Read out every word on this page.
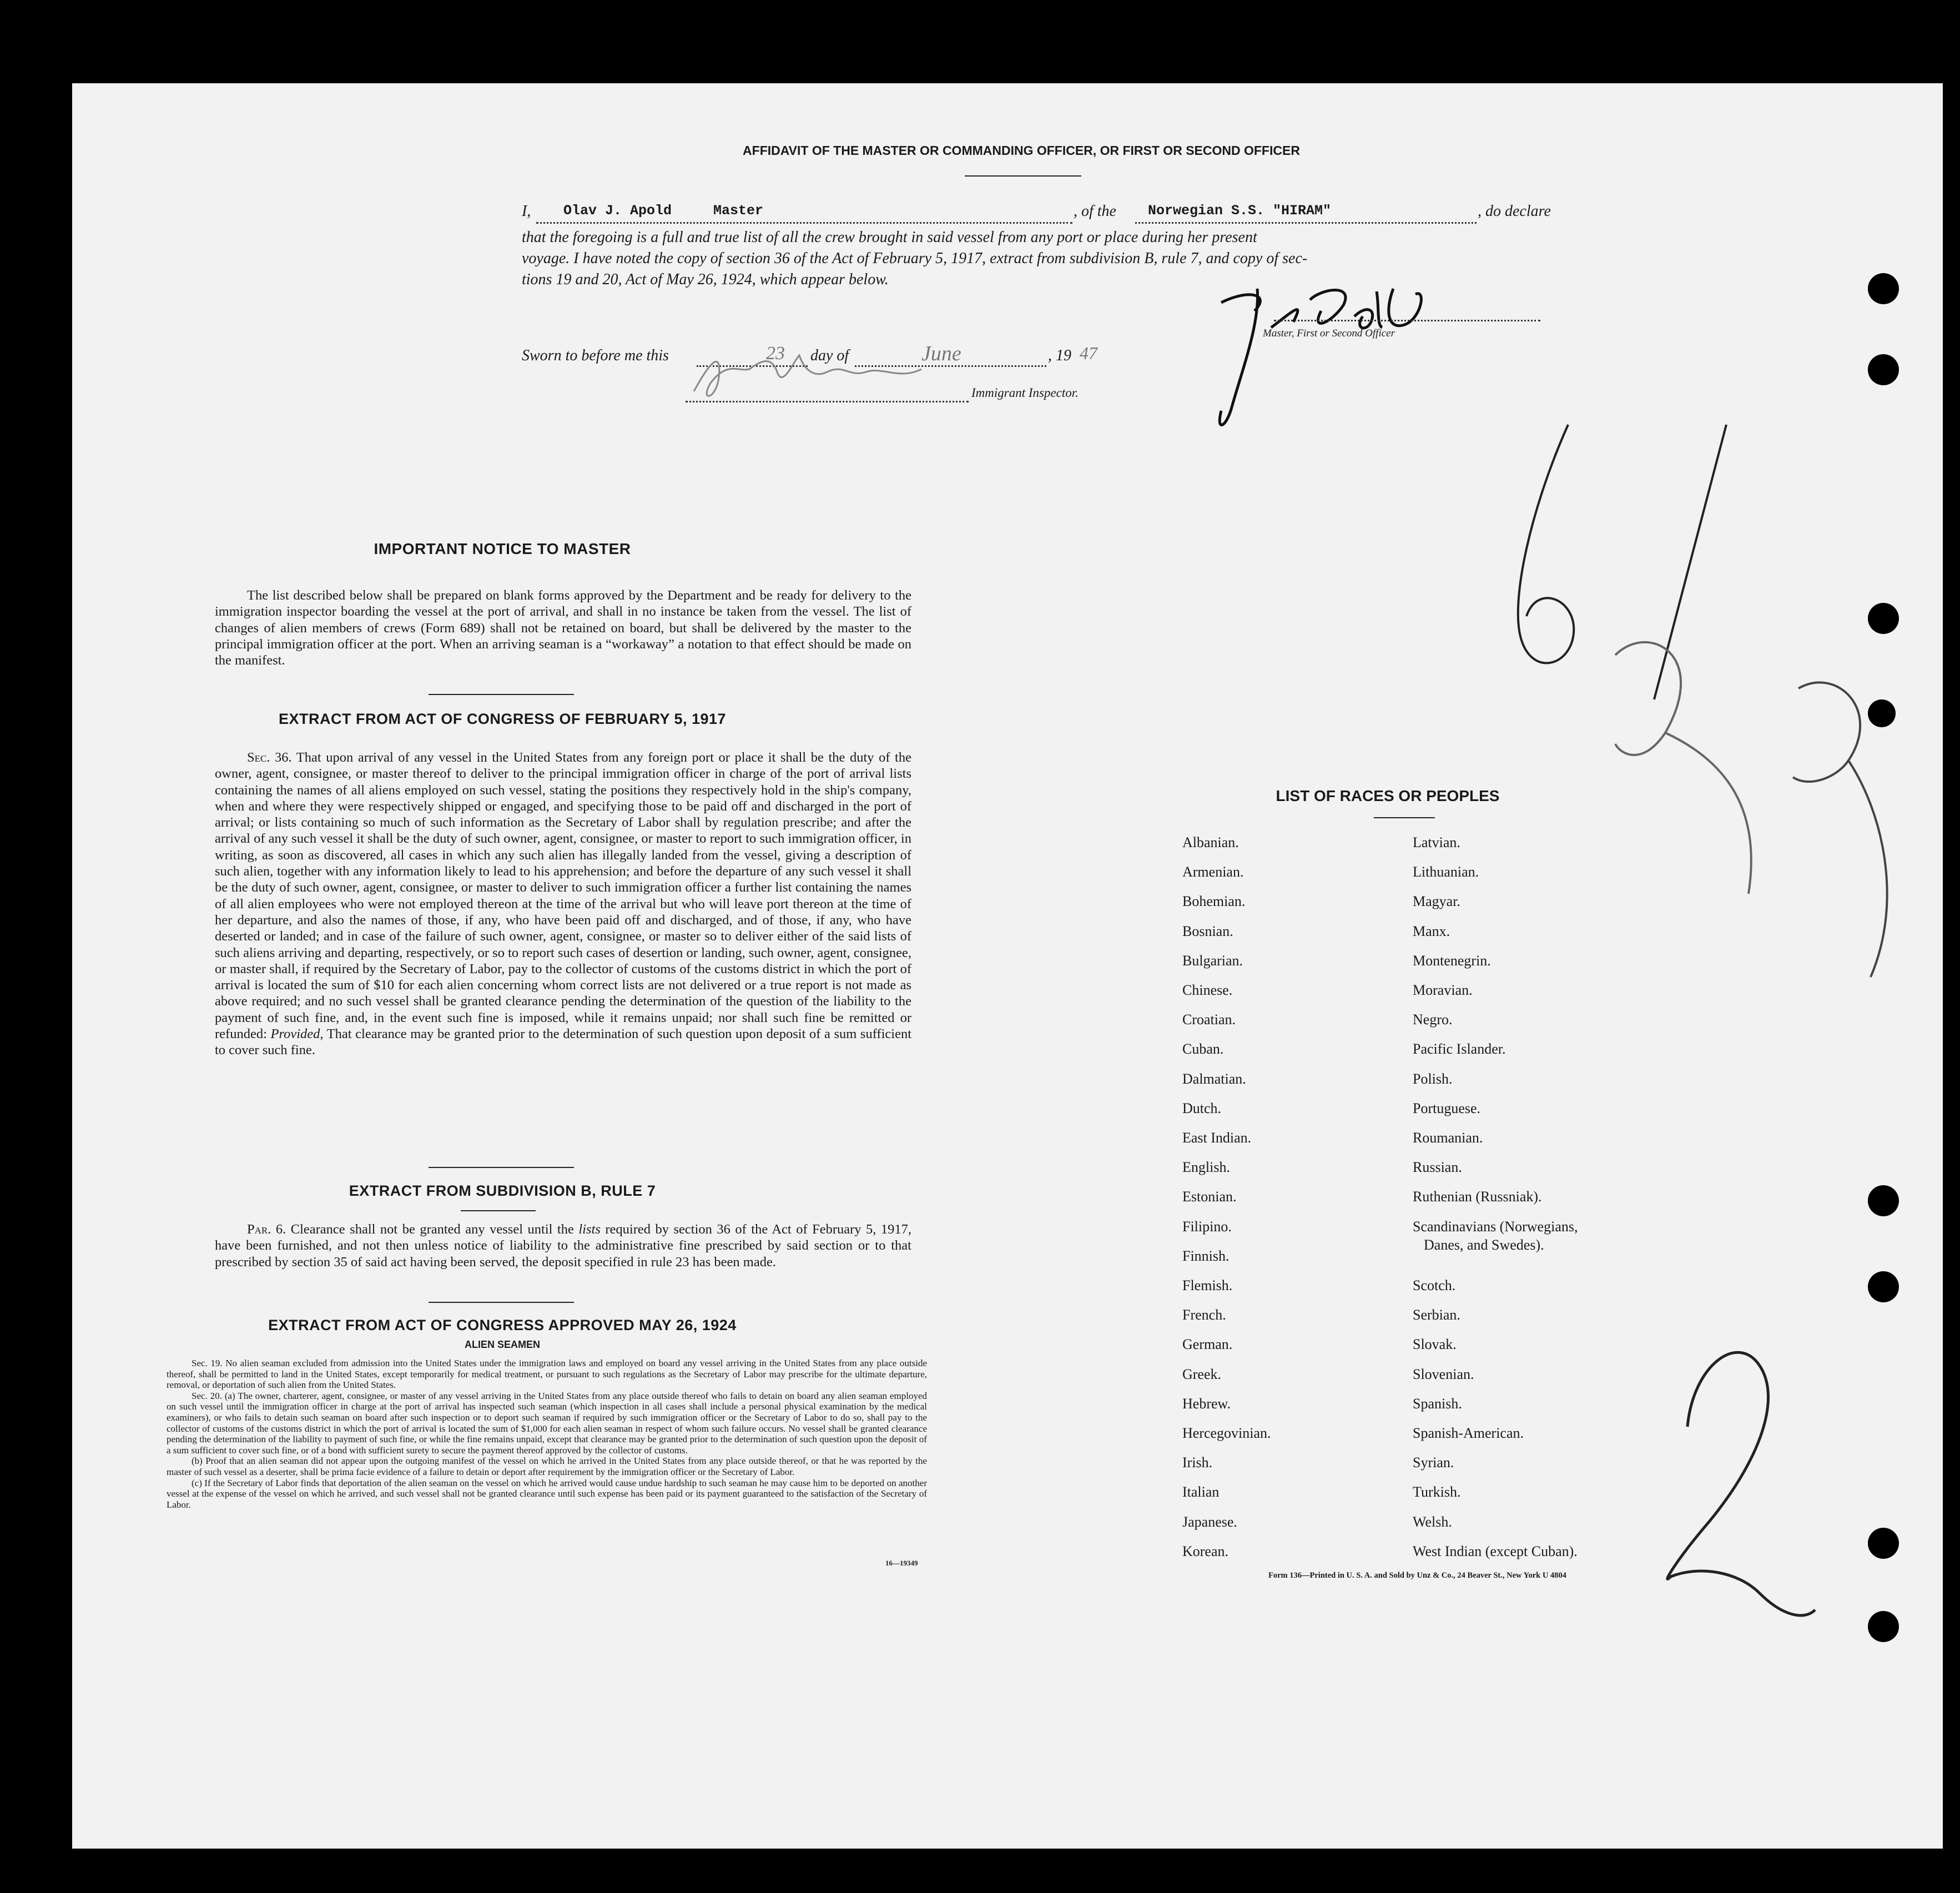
AFFIDAVIT OF THE MASTER OR COMMANDING OFFICER, OR FIRST OR SECOND OFFICER
I, Olav J. Apold	Master	, of the Norwegian S.S. "HIRAM"	, do declare
that the foregoing is a full and true list of all the crew brought in said vessel from any port or place during her present
voyage. I have noted the copy of section 36 of the Act of February 5, 1917, extract from subdivision B, rule 7, and copy of sec-
tions 19 and 20, Act of May 26, 1924, which appear below.
Sworn to before me this	23 day of	June	, 19 47
Immigrant Inspector.
Master, First or Second Officer
IMPORTANT NOTICE TO MASTER
The list described below shall be prepared on blank forms approved by the Department and be ready for delivery to the immigration inspector boarding the vessel at the port of arrival, and shall in no instance be taken from the vessel. The list of changes of alien members of crews (Form 689) shall not be retained on board, but shall be delivered by the master to the principal immigration officer at the port. When an arriving seaman is a “workaway” a notation to that effect should be made on the manifest.
EXTRACT FROM ACT OF CONGRESS OF FEBRUARY 5, 1917
Sec. 36. That upon arrival of any vessel in the United States from any foreign port or place it shall be the duty of the owner, agent, consignee, or master thereof to deliver to the principal immigration officer in charge of the port of arrival lists containing the names of all aliens employed on such vessel, stating the positions they respectively hold in the ship's company, when and where they were respectively shipped or engaged, and specifying those to be paid off and discharged in the port of arrival; or lists containing so much of such information as the Secretary of Labor shall by regulation prescribe; and after the arrival of any such vessel it shall be the duty of such owner, agent, consignee, or master to report to such immigration officer, in writing, as soon as discovered, all cases in which any such alien has illegally landed from the vessel, giving a description of such alien, together with any information likely to lead to his apprehension; and before the departure of any such vessel it shall be the duty of such owner, agent, consignee, or master to deliver to such immigration officer a further list containing the names of all alien employees who were not employed thereon at the time of the arrival but who will leave port thereon at the time of her departure, and also the names of those, if any, who have been paid off and discharged, and of those, if any, who have deserted or landed; and in case of the failure of such owner, agent, consignee, or master so to deliver either of the said lists of such aliens arriving and departing, respectively, or so to report such cases of desertion or landing, such owner, agent, consignee, or master shall, if required by the Secretary of Labor, pay to the collector of customs of the customs district in which the port of arrival is located the sum of $10 for each alien concerning whom correct lists are not delivered or a true report is not made as above required; and no such vessel shall be granted clearance pending the determination of the question of the liability to the payment of such fine, and, in the event such fine is imposed, while it remains unpaid; nor shall such fine be remitted or refunded: Provided, That clearance may be granted prior to the determination of such question upon deposit of a sum sufficient to cover such fine.
EXTRACT FROM SUBDIVISION B, RULE 7
Par. 6. Clearance shall not be granted any vessel until the lists required by section 36 of the Act of February 5, 1917, have been furnished, and not then unless notice of liability to the administrative fine prescribed by said section or to that prescribed by section 35 of said act having been served, the deposit specified in rule 23 has been made.
EXTRACT FROM ACT OF CONGRESS APPROVED MAY 26, 1924
ALIEN SEAMEN
Sec. 19. No alien seaman excluded from admission into the United States under the immigration laws and employed on board any vessel arriving in the United States from any place outside thereof, shall be permitted to land in the United States, except temporarily for medical treatment, or pursuant to such regulations as the Secretary of Labor may prescribe for the ultimate departure, removal, or deportation of such alien from the United States.
Sec. 20. (a) The owner, charterer, agent, consignee, or master of any vessel arriving in the United States from any place outside thereof who fails to detain on board any alien seaman employed on such vessel until the immigration officer in charge at the port of arrival has inspected such seaman (which inspection in all cases shall include a personal physical examination by the medical examiners), or who fails to detain such seaman on board after such inspection or to deport such seaman if required by such immigration officer or the Secretary of Labor to do so, shall pay to the collector of customs of the customs district in which the port of arrival is located the sum of $1,000 for each alien seaman in respect of whom such failure occurs. No vessel shall be granted clearance pending the determination of the liability to payment of such fine, or while the fine remains unpaid, except that clearance may be granted prior to the determination of such question upon the deposit of a sum sufficient to cover such fine, or of a bond with sufficient surety to secure the payment thereof approved by the collector of customs.
(b) Proof that an alien seaman did not appear upon the outgoing manifest of the vessel on which he arrived in the United States from any place outside thereof, or that he was reported by the master of such vessel as a deserter, shall be prima facie evidence of a failure to detain or deport after requirement by the immigration officer or the Secretary of Labor.
(c) If the Secretary of Labor finds that deportation of the alien seaman on the vessel on which he arrived would cause undue hardship to such seaman he may cause him to be deported on another vessel at the expense of the vessel on which he arrived, and such vessel shall not be granted clearance until such expense has been paid or its payment guaranteed to the satisfaction of the Secretary of Labor.
16—19349
LIST OF RACES OR PEOPLES
Albanian.
Armenian.
Bohemian.
Bosnian.
Bulgarian.
Chinese.
Croatian.
Cuban.
Dalmatian.
Dutch.
East Indian.
English.
Estonian.
Filipino.
Finnish.
Flemish.
French.
German.
Greek.
Hebrew.
Hercegovinian.
Irish.
Italian
Japanese.
Korean.
Latvian.
Lithuanian.
Magyar.
Manx.
Montenegrin.
Moravian.
Negro.
Pacific Islander.
Polish.
Portuguese.
Roumanian.
Russian.
Ruthenian (Russniak).
Scandinavians (Norwegians,
Danes, and Swedes).
Scotch.
Serbian.
Slovak.
Slovenian.
Spanish.
Spanish-American.
Syrian.
Turkish.
Welsh.
West Indian (except Cuban).
Form 136—Printed in U. S. A. and Sold by Unz & Co., 24 Beaver St., New York U 4804
